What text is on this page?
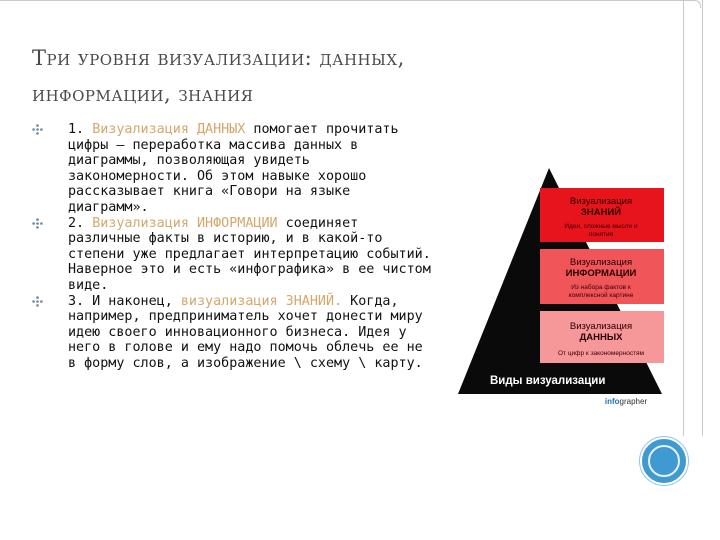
Три уровня визуализации: данных,
информации, знания
1. Визуализация ДАННЫХ помогает прочитать цифры — переработка массива данных в диаграммы, позволяющая увидеть закономерности. Об этом навыке хорошо рассказывает книга «Говори на языке диаграмм».
2. Визуализация ИНФОРМАЦИИ соединяет различные факты в историю, и в какой-то степени уже предлагает интерпретацию событий. Наверное это и есть «инфографика» в ее чистом виде.
3. И наконец, визуализация ЗНАНИЙ. Когда, например, предприниматель хочет донести миру идею своего инновационного бизнеса. Идея у него в голове и ему надо помочь облечь ее не в форму слов, а изображение \ схему \ карту.
Визуализация
ЗНАНИЙ
Идеи, сложные мысли и
понятия
Визуализация
ИНФОРМАЦИИ
Из набора фактов к
комплексной картине
Визуализация
ДАННЫХ
От цифр к закономерностям
Виды визуализации
infographer
